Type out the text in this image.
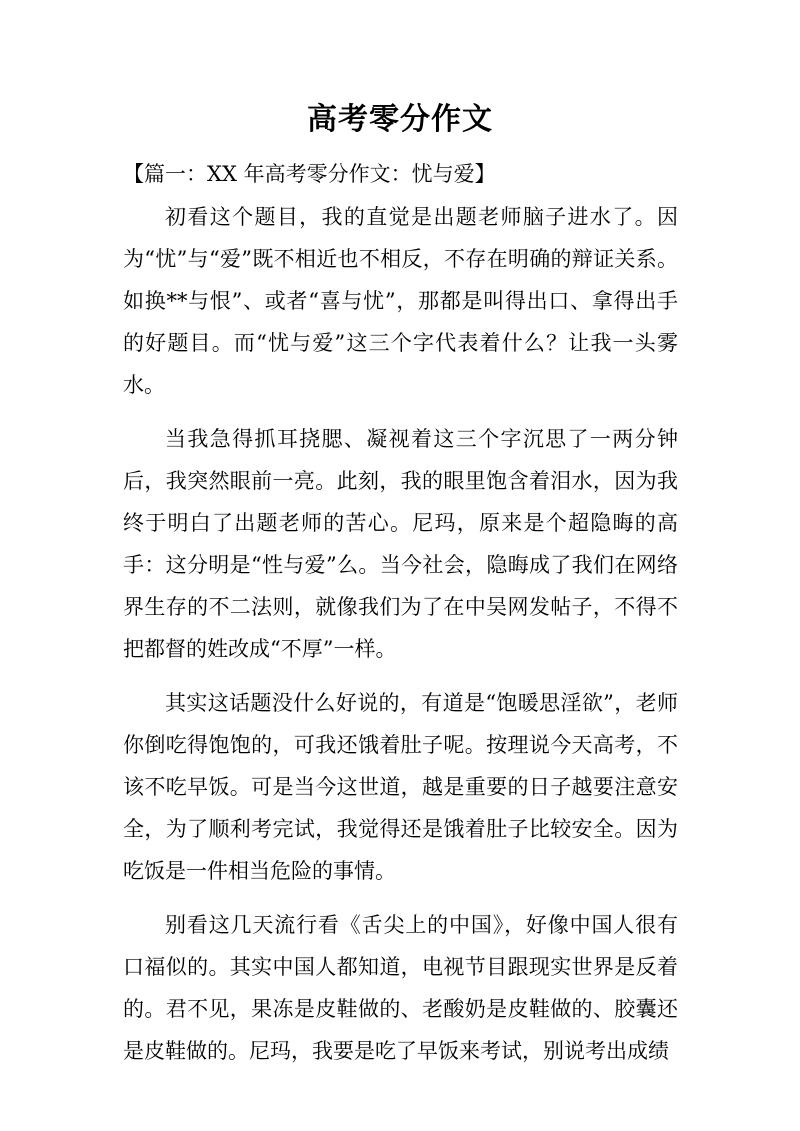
高考零分作文
【篇一：XX 年高考零分作文：忧与爱】

初看这个题目，我的直觉是出题老师脑子进水了。因为“忧”与“爱”既不相近也不相反，不存在明确的辩证关系。如换**与恨”、或者“喜与忧”，那都是叫得出口、拿得出手的好题目。而“忧与爱”这三个字代表着什么？让我一头雾水。

当我急得抓耳挠腮、凝视着这三个字沉思了一两分钟后，我突然眼前一亮。此刻，我的眼里饱含着泪水，因为我终于明白了出题老师的苦心。尼玛，原来是个超隐晦的高手：这分明是“性与爱”么。当今社会，隐晦成了我们在网络界生存的不二法则，就像我们为了在中吴网发帖子，不得不把都督的姓改成“不厚”一样。

其实这话题没什么好说的，有道是“饱暖思淫欲”，老师你倒吃得饱饱的，可我还饿着肚子呢。按理说今天高考，不该不吃早饭。可是当今这世道，越是重要的日子越要注意安全，为了顺利考完试，我觉得还是饿着肚子比较安全。因为吃饭是一件相当危险的事情。

别看这几天流行看《舌尖上的中国》，好像中国人很有口福似的。其实中国人都知道，电视节目跟现实世界是反着的。君不见，果冻是皮鞋做的、老酸奶是皮鞋做的、胶囊还是皮鞋做的。尼玛，我要是吃了早饭来考试，别说考出成绩
